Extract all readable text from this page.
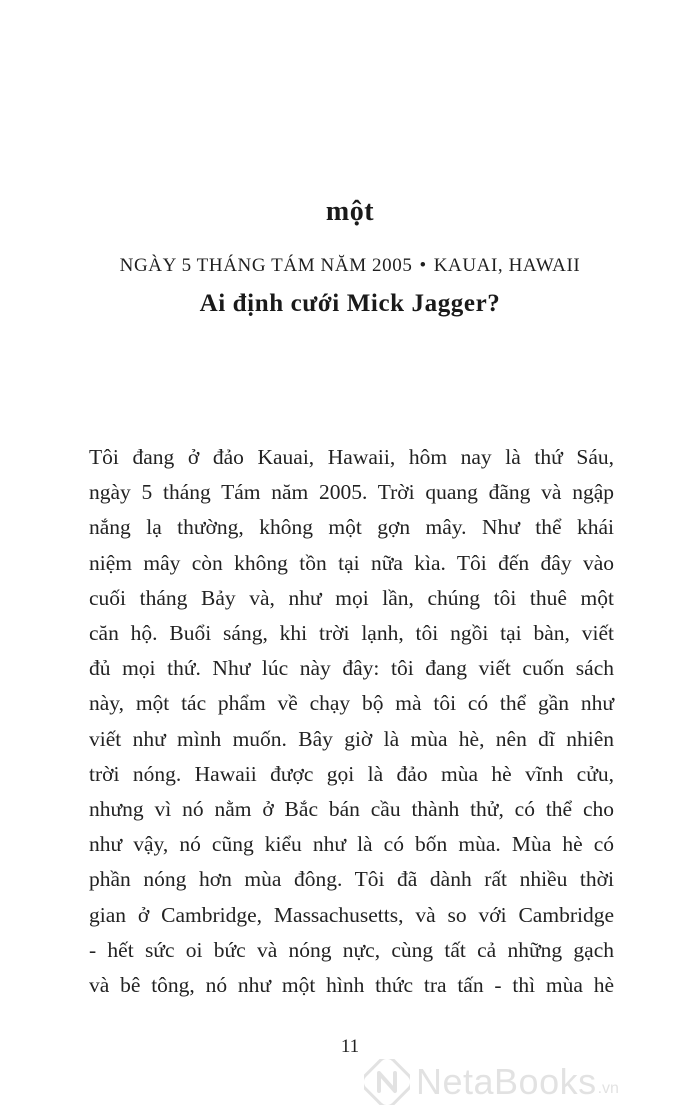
một
NGÀY 5 THÁNG TÁM NĂM 2005 • KAUAI, HAWAII
Ai định cưới Mick Jagger?
Tôi đang ở đảo Kauai, Hawaii, hôm nay là thứ Sáu,
ngày 5 tháng Tám năm 2005. Trời quang đãng và ngập
nắng lạ thường, không một gợn mây. Như thể khái
niệm mây còn không tồn tại nữa kìa. Tôi đến đây vào
cuối tháng Bảy và, như mọi lần, chúng tôi thuê một
căn hộ. Buổi sáng, khi trời lạnh, tôi ngồi tại bàn, viết
đủ mọi thứ. Như lúc này đây: tôi đang viết cuốn sách
này, một tác phẩm về chạy bộ mà tôi có thể gần như
viết như mình muốn. Bây giờ là mùa hè, nên dĩ nhiên
trời nóng. Hawaii được gọi là đảo mùa hè vĩnh cửu,
nhưng vì nó nằm ở Bắc bán cầu thành thử, có thể cho
như vậy, nó cũng kiểu như là có bốn mùa. Mùa hè có
phần nóng hơn mùa đông. Tôi đã dành rất nhiều thời
gian ở Cambridge, Massachusetts, và so với Cambridge
- hết sức oi bức và nóng nực, cùng tất cả những gạch
và bê tông, nó như một hình thức tra tấn - thì mùa hè
11
NetaBooks .vn
